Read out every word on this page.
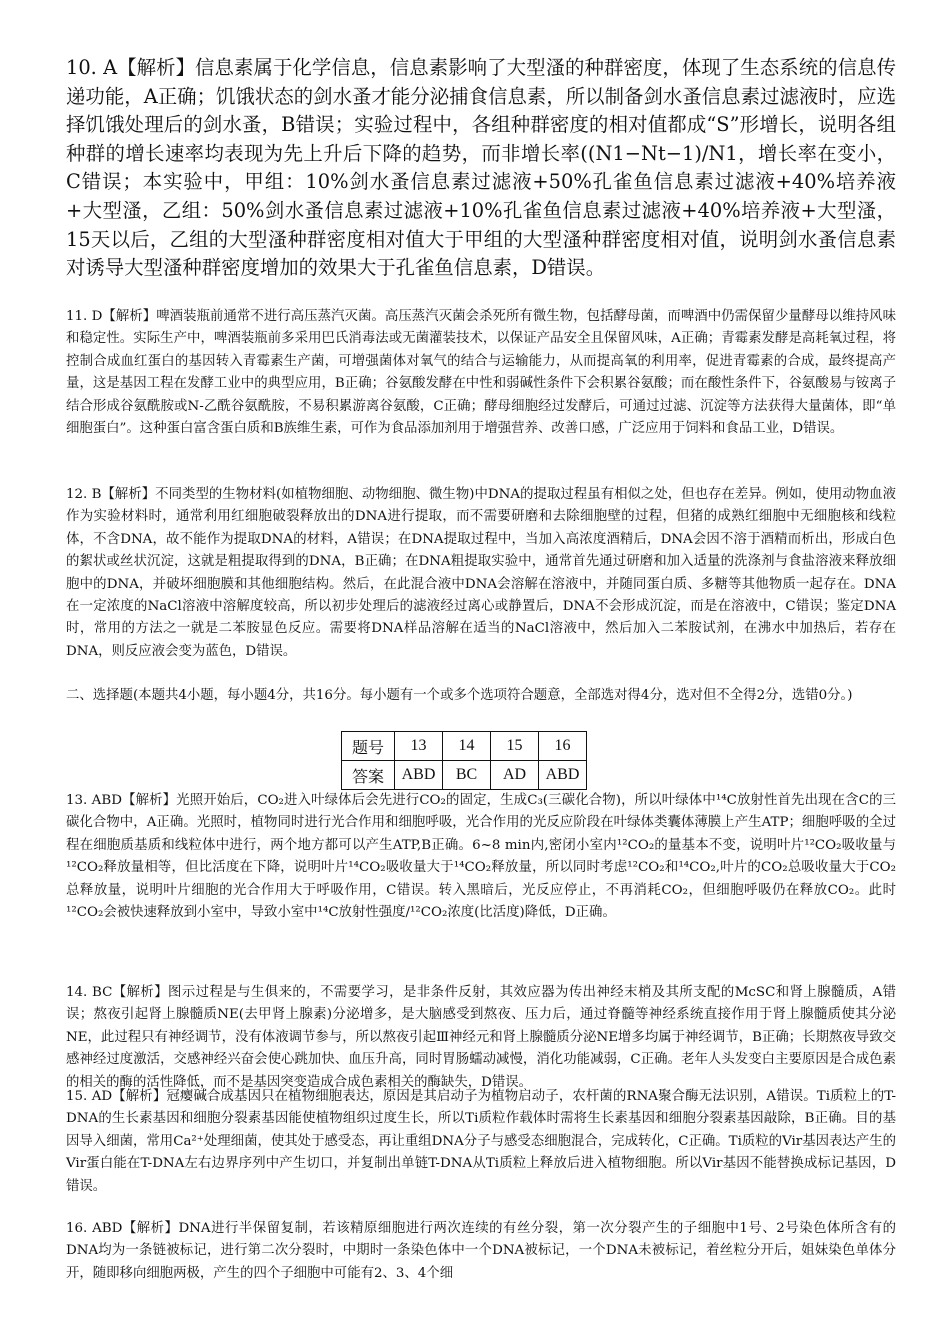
10. A【解析】信息素属于化学信息，信息素影响了大型溞的种群密度，体现了生态系统的信息传递功能，A正确；饥饿状态的剑水蚤才能分泌捕食信息素，所以制备剑水蚤信息素过滤液时，应选择饥饿处理后的剑水蚤，B错误；实验过程中，各组种群密度的相对值都成“S”形增长，说明各组种群的增长速率均表现为先上升后下降的趋势，而非增长率((N1−Nt−1)/N1，增长率在变小，C错误；本实验中，甲组：10%剑水蚤信息素过滤液+50%孔雀鱼信息素过滤液+40%培养液+大型溞，乙组：50%剑水蚤信息素过滤液+10%孔雀鱼信息素过滤液+40%培养液+大型溞，15天以后，乙组的大型溞种群密度相对值大于甲组的大型溞种群密度相对值，说明剑水蚤信息素对诱导大型溞种群密度增加的效果大于孔雀鱼信息素，D错误。

11. D【解析】啤酒装瓶前通常不进行高压蒸汽灭菌。高压蒸汽灭菌会杀死所有微生物，包括酵母菌，而啤酒中仍需保留少量酵母以维持风味和稳定性。实际生产中，啤酒装瓶前多采用巴氏消毒法或无菌灌装技术，以保证产品安全且保留风味，A正确；青霉素发酵是高耗氧过程，将控制合成血红蛋白的基因转入青霉素生产菌，可增强菌体对氧气的结合与运输能力，从而提高氧的利用率，促进青霉素的合成，最终提高产量，这是基因工程在发酵工业中的典型应用，B正确；谷氨酸发酵在中性和弱碱性条件下会积累谷氨酸；而在酸性条件下，谷氨酸易与铵离子结合形成谷氨酰胺或N-乙酰谷氨酰胺，不易积累游离谷氨酸，C正确；酵母细胞经过发酵后，可通过过滤、沉淀等方法获得大量菌体，即“单细胞蛋白”。这种蛋白富含蛋白质和B族维生素，可作为食品添加剂用于增强营养、改善口感，广泛应用于饲料和食品工业，D错误。

12. B【解析】不同类型的生物材料(如植物细胞、动物细胞、微生物)中DNA的提取过程虽有相似之处，但也存在差异。例如，使用动物血液作为实验材料时，通常利用红细胞破裂释放出的DNA进行提取，而不需要研磨和去除细胞壁的过程，但猪的成熟红细胞中无细胞核和线粒体，不含DNA，故不能作为提取DNA的材料，A错误；在DNA提取过程中，当加入高浓度酒精后，DNA会因不溶于酒精而析出，形成白色的絮状或丝状沉淀，这就是粗提取得到的DNA，B正确；在DNA粗提取实验中，通常首先通过研磨和加入适量的洗涤剂与食盐溶液来释放细胞中的DNA，并破坏细胞膜和其他细胞结构。然后，在此混合液中DNA会溶解在溶液中，并随同蛋白质、多糖等其他物质一起存在。DNA在一定浓度的NaCl溶液中溶解度较高，所以初步处理后的滤液经过离心或静置后，DNA不会形成沉淀，而是在溶液中，C错误；鉴定DNA时，常用的方法之一就是二苯胺显色反应。需要将DNA样品溶解在适当的NaCl溶液中，然后加入二苯胺试剂，在沸水中加热后，若存在DNA，则反应液会变为蓝色，D错误。

二、选择题(本题共4小题，每小题4分，共16分。每小题有一个或多个选项符合题意，全部选对得4分，选对但不全得2分，选错0分。)

题号	13	14	15	16
答案	ABD	BC	AD	ABD

13. ABD【解析】光照开始后，CO₂进入叶绿体后会先进行CO₂的固定，生成C₃(三碳化合物)，所以叶绿体中¹⁴C放射性首先出现在含C的三碳化合物中，A正确。光照时，植物同时进行光合作用和细胞呼吸，光合作用的光反应阶段在叶绿体类囊体薄膜上产生ATP；细胞呼吸的全过程在细胞质基质和线粒体中进行，两个地方都可以产生ATP,B正确。6~8 min内,密闭小室内¹²CO₂的量基本不变，说明叶片¹²CO₂吸收量与¹²CO₂释放量相等，但比活度在下降，说明叶片¹⁴CO₂吸收量大于¹⁴CO₂释放量，所以同时考虑¹²CO₂和¹⁴CO₂,叶片的CO₂总吸收量大于CO₂总释放量，说明叶片细胞的光合作用大于呼吸作用，C错误。转入黑暗后，光反应停止，不再消耗CO₂，但细胞呼吸仍在释放CO₂。此时¹²CO₂会被快速释放到小室中，导致小室中¹⁴C放射性强度/¹²CO₂浓度(比活度)降低，D正确。

14. BC【解析】图示过程是与生俱来的，不需要学习，是非条件反射，其效应器为传出神经末梢及其所支配的McSC和肾上腺髓质，A错误；熬夜引起肾上腺髓质NE(去甲肾上腺素)分泌增多，是大脑感受到熬夜、压力后，通过脊髓等神经系统直接作用于肾上腺髓质使其分泌NE，此过程只有神经调节，没有体液调节参与，所以熬夜引起Ⅲ神经元和肾上腺髓质分泌NE增多均属于神经调节，B正确；长期熬夜导致交感神经过度激活，交感神经兴奋会使心跳加快、血压升高，同时胃肠蠕动减慢，消化功能减弱，C正确。老年人头发变白主要原因是合成色素的相关的酶的活性降低，而不是基因突变造成合成色素相关的酶缺失，D错误。

15. AD【解析】冠瘿碱合成基因只在植物细胞表达，原因是其启动子为植物启动子，农杆菌的RNA聚合酶无法识别，A错误。Ti质粒上的T-DNA的生长素基因和细胞分裂素基因能使植物组织过度生长，所以Ti质粒作载体时需将生长素基因和细胞分裂素基因敲除，B正确。目的基因导入细菌，常用Ca²⁺处理细菌，使其处于感受态，再让重组DNA分子与感受态细胞混合，完成转化，C正确。Ti质粒的Vir基因表达产生的Vir蛋白能在T-DNA左右边界序列中产生切口，并复制出单链T-DNA从Ti质粒上释放后进入植物细胞。所以Vir基因不能替换成标记基因，D错误。

16. ABD【解析】DNA进行半保留复制，若该精原细胞进行两次连续的有丝分裂，第一次分裂产生的子细胞中1号、2号染色体所含有的DNA均为一条链被标记，进行第二次分裂时，中期时一条染色体中一个DNA被标记，一个DNA未被标记，着丝粒分开后，姐妹染色单体分开，随即移向细胞两极，产生的四个子细胞中可能有2、3、4个细
